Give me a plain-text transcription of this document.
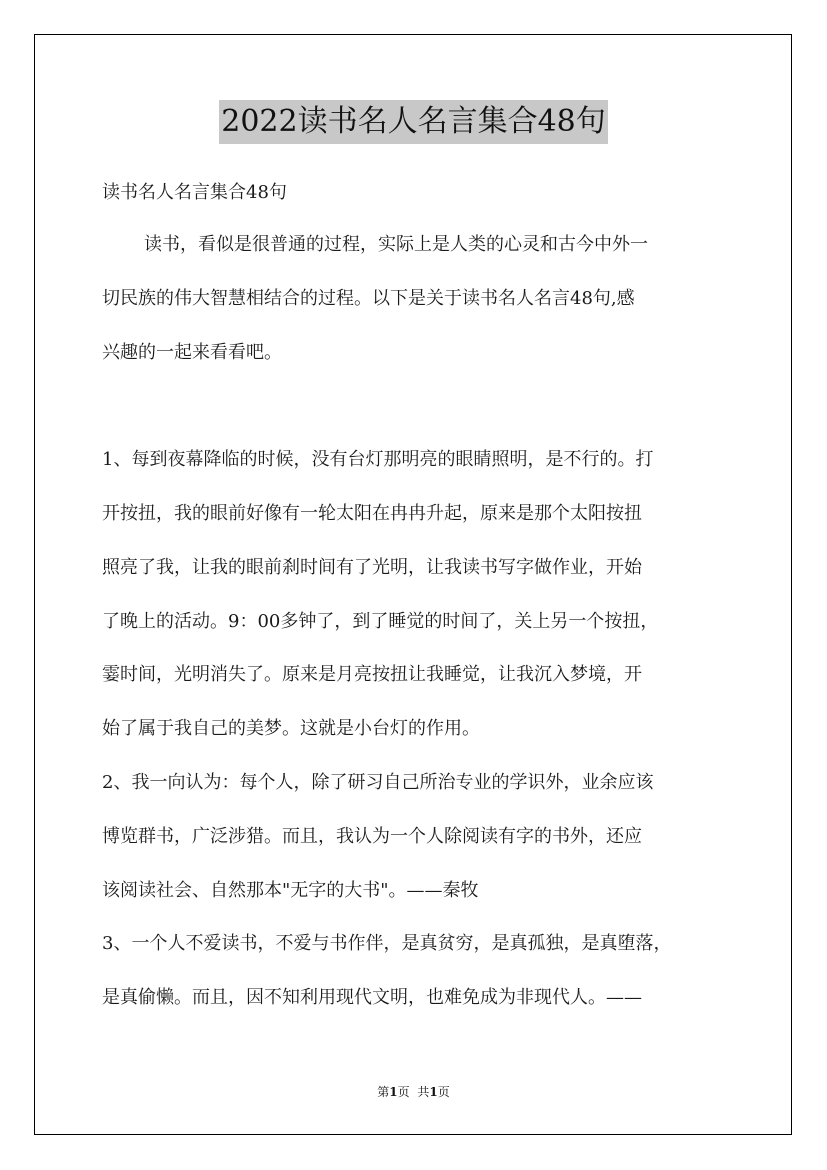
2022读书名人名言集合48句
读书名人名言集合48句
读书，看似是很普通的过程，实际上是人类的心灵和古今中外一
切民族的伟大智慧相结合的过程。以下是关于读书名人名言48句,感
兴趣的一起来看看吧。
1、每到夜幕降临的时候，没有台灯那明亮的眼睛照明，是不行的。打
开按扭，我的眼前好像有一轮太阳在冉冉升起，原来是那个太阳按扭
照亮了我，让我的眼前刹时间有了光明，让我读书写字做作业，开始
了晚上的活动。9：00多钟了，到了睡觉的时间了，关上另一个按扭，
霎时间，光明消失了。原来是月亮按扭让我睡觉，让我沉入梦境，开
始了属于我自己的美梦。这就是小台灯的作用。
2、我一向认为：每个人，除了研习自己所治专业的学识外，业余应该
博览群书，广泛涉猎。而且，我认为一个人除阅读有字的书外，还应
该阅读社会、自然那本"无字的大书"。——秦牧
3、一个人不爱读书，不爱与书作伴，是真贫穷，是真孤独，是真堕落，
是真偷懒。而且，因不知利用现代文明，也难免成为非现代人。——
第1页 共1页
